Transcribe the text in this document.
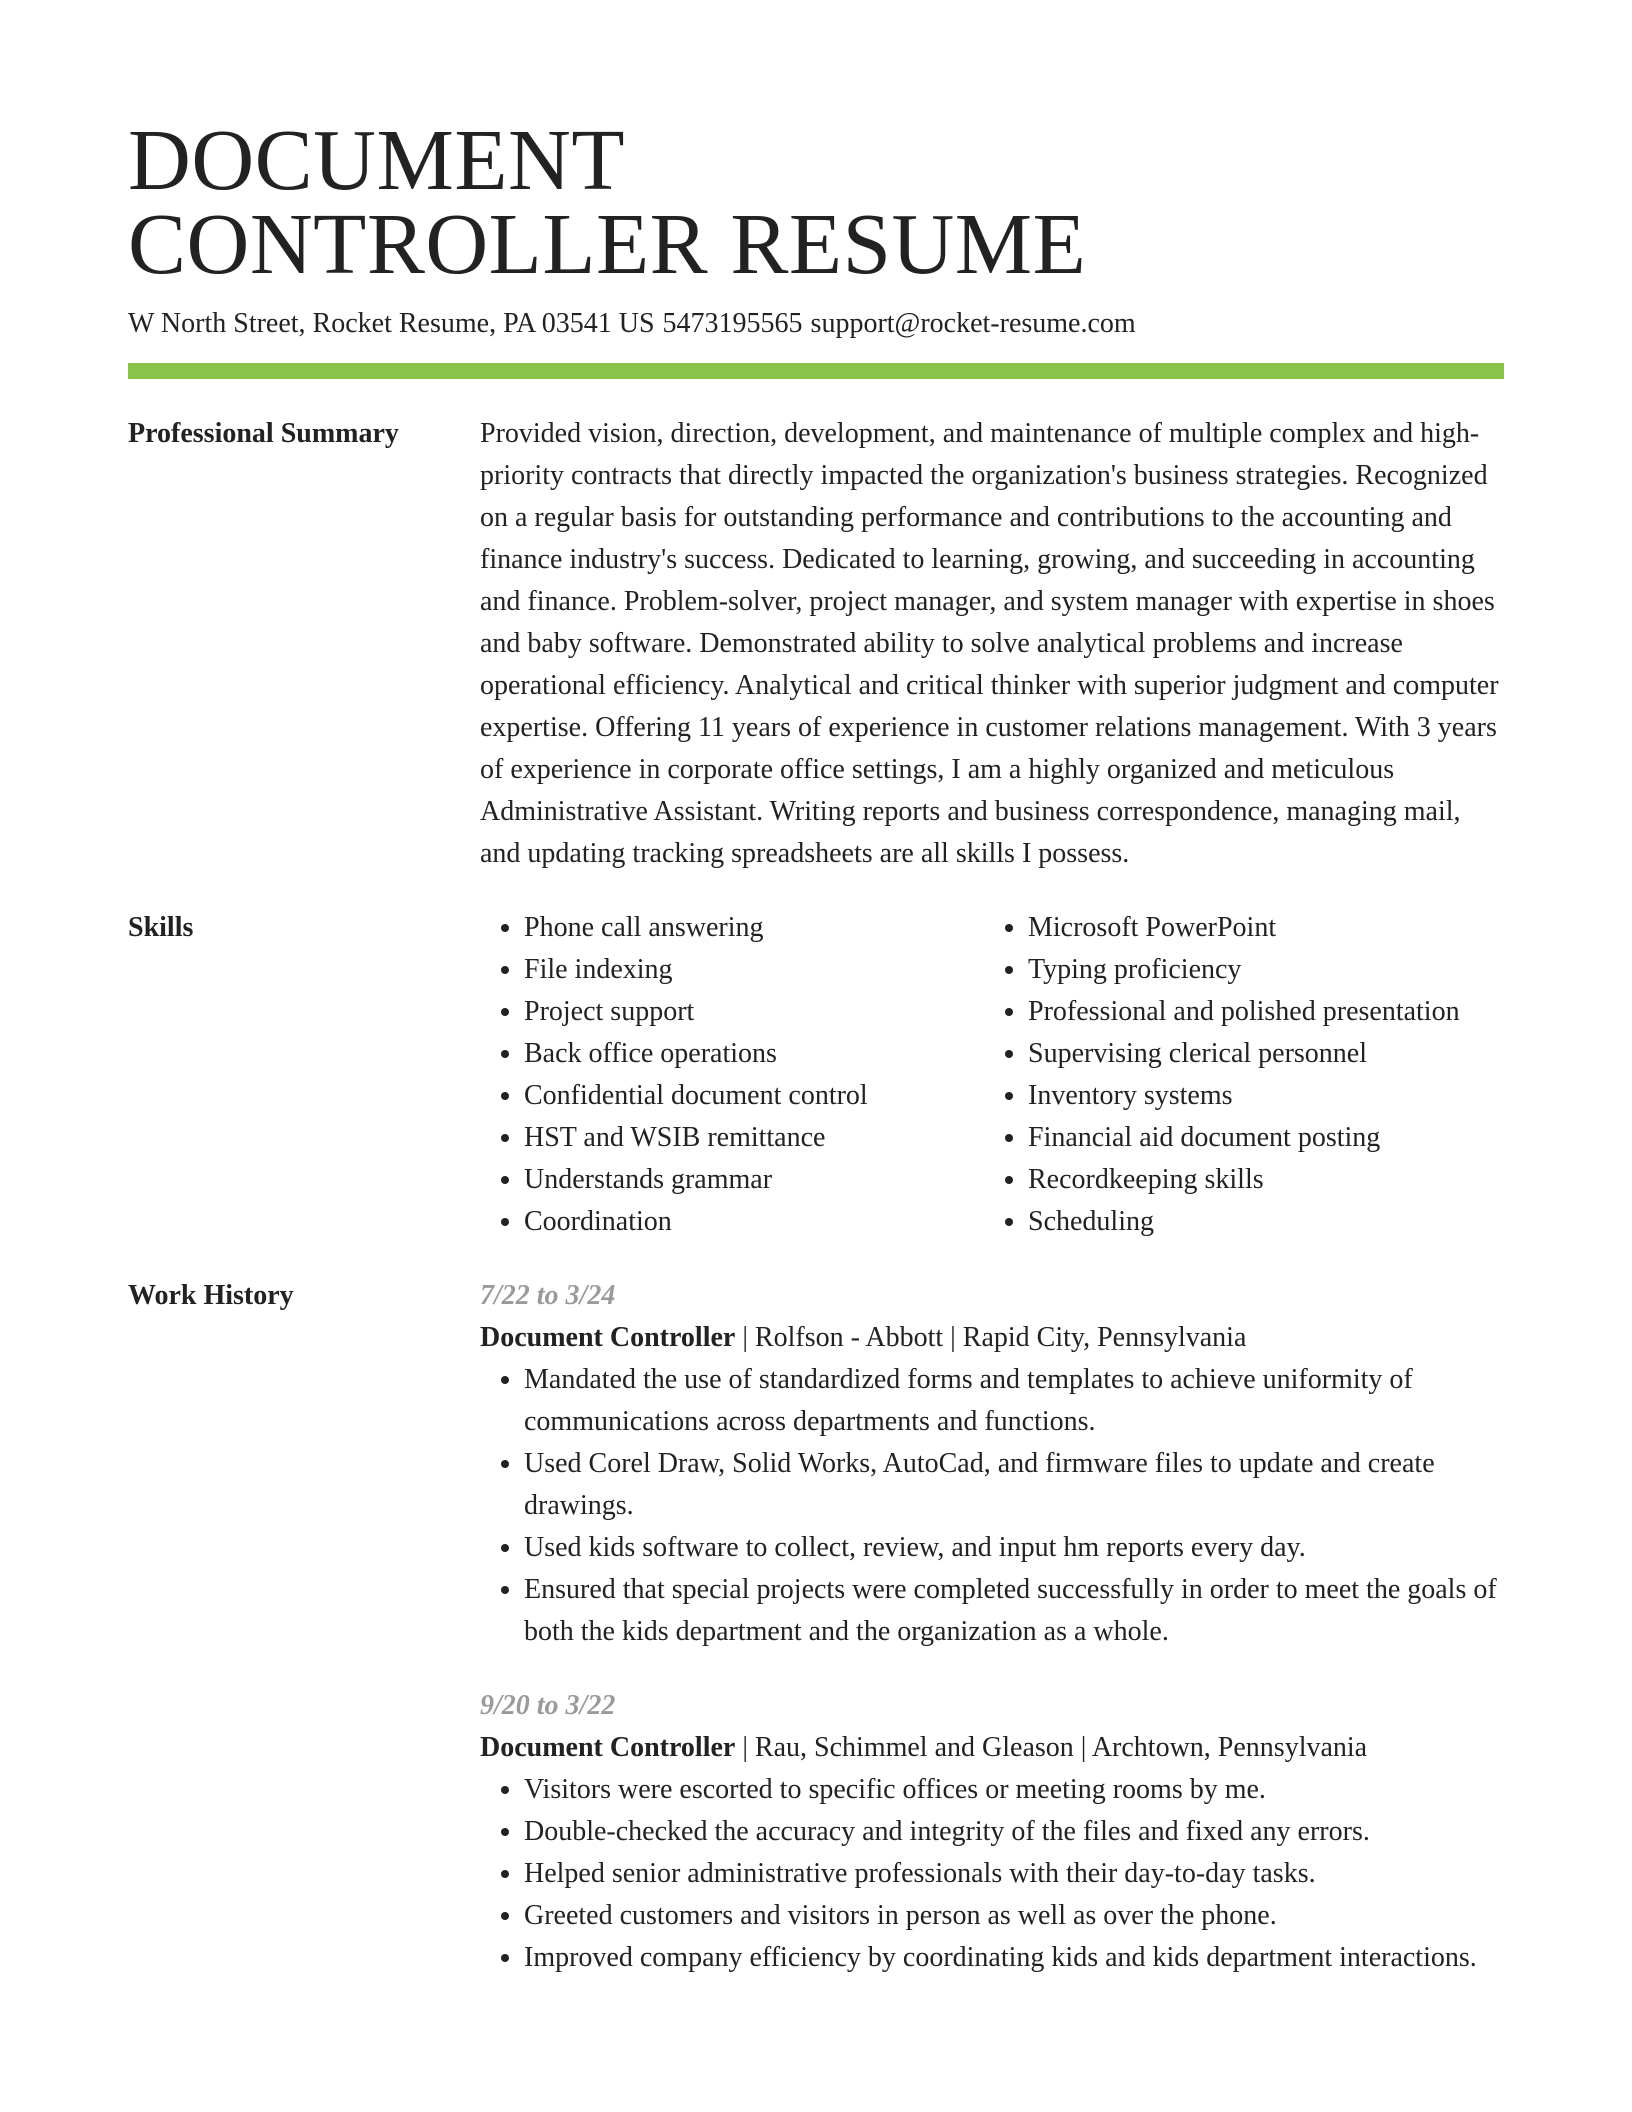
DOCUMENT
CONTROLLER RESUME
W North Street, Rocket Resume, PA 03541 US 5473195565 support@rocket-resume.com
Professional Summary	Provided vision, direction, development, and maintenance of multiple complex and high-priority contracts that directly impacted the organization's business strategies. Recognized on a regular basis for outstanding performance and contributions to the accounting and finance industry's success. Dedicated to learning, growing, and succeeding in accounting and finance. Problem-solver, project manager, and system manager with expertise in shoes and baby software. Demonstrated ability to solve analytical problems and increase operational efficiency. Analytical and critical thinker with superior judgment and computer expertise. Offering 11 years of experience in customer relations management. With 3 years of experience in corporate office settings, I am a highly organized and meticulous Administrative Assistant. Writing reports and business correspondence, managing mail, and updating tracking spreadsheets are all skills I possess.
Skills
•	Phone call answering
• File indexing
• Project support
• Back office operations
• Confidential document control
• HST and WSIB remittance
• Understands grammar
• Coordination
• Microsoft PowerPoint
• Typing proficiency
• Professional and polished presentation
• Supervising clerical personnel
• Inventory systems
• Financial aid document posting
• Recordkeeping skills
• Scheduling
Work History	7/22 to 3/24
Document Controller | Rolfson - Abbott | Rapid City, Pennsylvania
• Mandated the use of standardized forms and templates to achieve uniformity of communications across departments and functions.
• Used Corel Draw, Solid Works, AutoCad, and firmware files to update and create drawings.
• Used kids software to collect, review, and input hm reports every day.
• Ensured that special projects were completed successfully in order to meet the goals of both the kids department and the organization as a whole.
9/20 to 3/22
Document Controller | Rau, Schimmel and Gleason | Archtown, Pennsylvania
• Visitors were escorted to specific offices or meeting rooms by me.
• Double-checked the accuracy and integrity of the files and fixed any errors.
• Helped senior administrative professionals with their day-to-day tasks.
• Greeted customers and visitors in person as well as over the phone.
• Improved company efficiency by coordinating kids and kids department interactions.
